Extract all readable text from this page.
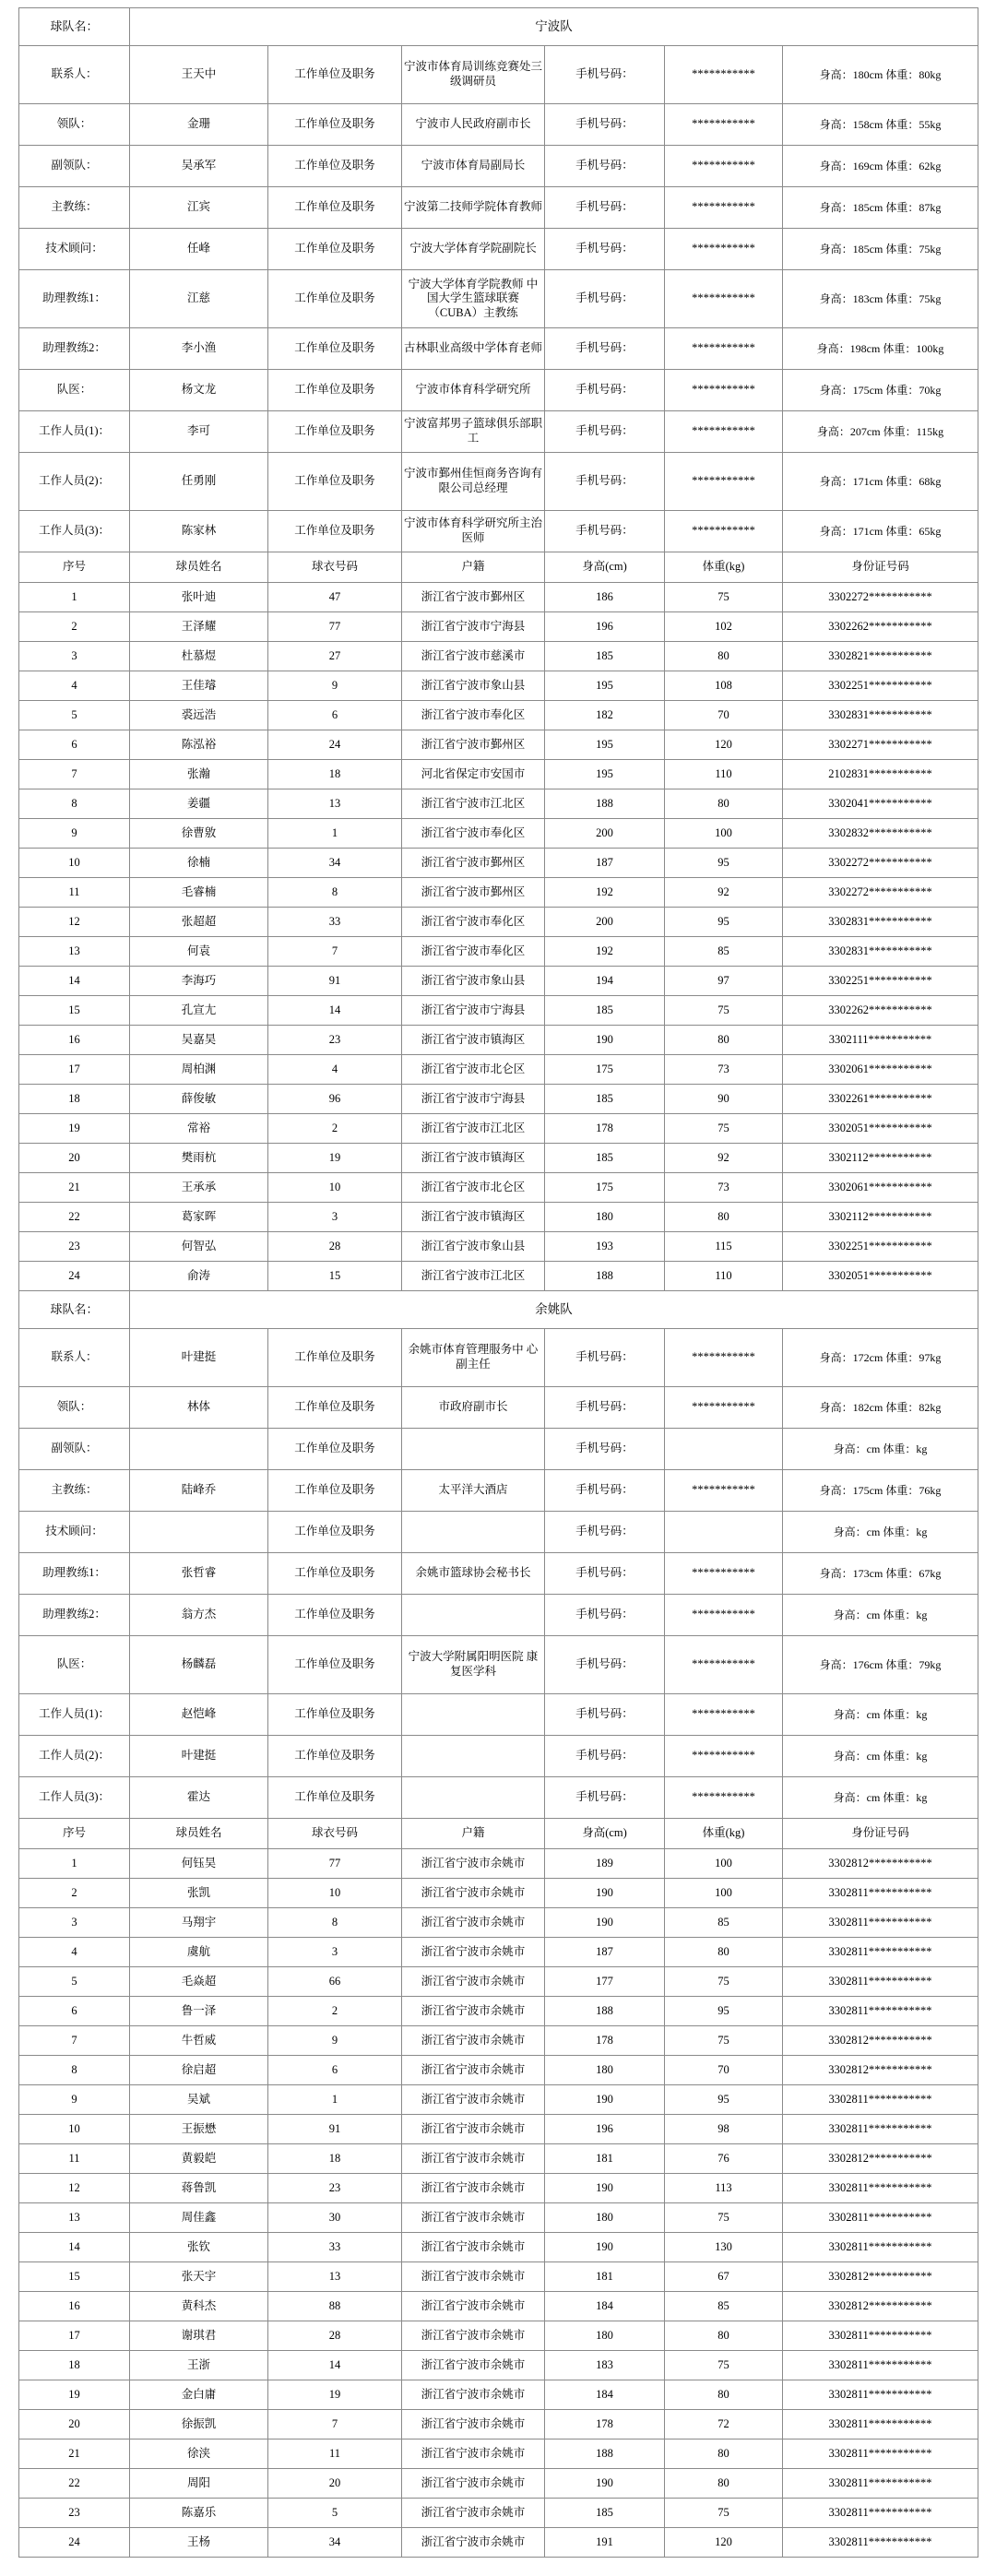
球队名：	宁波队					
联系人：	王天中	工作单位及职务	宁波市体育局训练竞赛处三级调研员	手机号码：	***********	身高：180cm 体重：80kg
领队：	金珊	工作单位及职务	宁波市人民政府副市长	手机号码：	***********	身高：158cm 体重：55kg
副领队：	吴承军	工作单位及职务	宁波市体育局副局长	手机号码：	***********	身高：169cm 体重：62kg
主教练：	江宾	工作单位及职务	宁波第二技师学院体育教师	手机号码：	***********	身高：185cm 体重：87kg
技术顾问：	任峰	工作单位及职务	宁波大学体育学院副院长	手机号码：	***********	身高：185cm 体重：75kg
助理教练1：	江慈	工作单位及职务	宁波大学体育学院教师 中国大学生篮球联赛（CUBA）主教练	手机号码：	***********	身高：183cm 体重：75kg
助理教练2：	李小渔	工作单位及职务	古林职业高级中学体育老师	手机号码：	***********	身高：198cm 体重：100kg
队医：	杨文龙	工作单位及职务	宁波市体育科学研究所	手机号码：	***********	身高：175cm 体重：70kg
工作人员(1)：	李可	工作单位及职务	宁波富邦男子篮球俱乐部职工	手机号码：	***********	身高：207cm 体重：115kg
工作人员(2)：	任勇刚	工作单位及职务	宁波市鄞州佳恒商务咨询有限公司总经理	手机号码：	***********	身高：171cm 体重：68kg
工作人员(3)：	陈家林	工作单位及职务	宁波市体育科学研究所主治医师	手机号码：	***********	身高：171cm 体重：65kg
序号	球员姓名	球衣号码	户籍	身高(cm)	体重(kg)	身份证号码
1	张叶迪	47	浙江省宁波市鄞州区	186	75	3302272***********
2	王泽耀	77	浙江省宁波市宁海县	196	102	3302262***********
3	杜慕煜	27	浙江省宁波市慈溪市	185	80	3302821***********
4	王佳璿	9	浙江省宁波市象山县	195	108	3302251***********
5	裘远浩	6	浙江省宁波市奉化区	182	70	3302831***********
6	陈泓裕	24	浙江省宁波市鄞州区	195	120	3302271***********
7	张瀚	18	河北省保定市安国市	195	110	2102831***********
8	姜疆	13	浙江省宁波市江北区	188	80	3302041***********
9	徐曹敫	1	浙江省宁波市奉化区	200	100	3302832***********
10	徐楠	34	浙江省宁波市鄞州区	187	95	3302272***********
11	毛睿楠	8	浙江省宁波市鄞州区	192	92	3302272***********
12	张超超	33	浙江省宁波市奉化区	200	95	3302831***********
13	何袁	7	浙江省宁波市奉化区	192	85	3302831***********
14	李海巧	91	浙江省宁波市象山县	194	97	3302251***********
15	孔宣尢	14	浙江省宁波市宁海县	185	75	3302262***********
16	吴嘉昊	23	浙江省宁波市镇海区	190	80	3302111***********
17	周柏渊	4	浙江省宁波市北仑区	175	73	3302061***********
18	薛俊敏	96	浙江省宁波市宁海县	185	90	3302261***********
19	常裕	2	浙江省宁波市江北区	178	75	3302051***********
20	樊雨杭	19	浙江省宁波市镇海区	185	92	3302112***********
21	王承承	10	浙江省宁波市北仑区	175	73	3302061***********
22	葛家晖	3	浙江省宁波市镇海区	180	80	3302112***********
23	何智弘	28	浙江省宁波市象山县	193	115	3302251***********
24	俞涛	15	浙江省宁波市江北区	188	110	3302051***********
球队名：	余姚队					
联系人：	叶建挺	工作单位及职务	余姚市体育管理服务中 心副主任	手机号码：	***********	身高：172cm 体重：97kg
领队：	林体	工作单位及职务	市政府副市长	手机号码：	***********	身高：182cm 体重：82kg
副领队：		工作单位及职务		手机号码：		身高：cm 体重：kg
主教练：	陆峰乔	工作单位及职务	太平洋大酒店	手机号码：	***********	身高：175cm 体重：76kg
技术顾问：		工作单位及职务		手机号码：		身高：cm 体重：kg
助理教练1：	张哲睿	工作单位及职务	余姚市篮球协会秘书长	手机号码：	***********	身高：173cm 体重：67kg
助理教练2：	翁方杰	工作单位及职务		手机号码：	***********	身高：cm 体重：kg
队医：	杨麟磊	工作单位及职务	宁波大学附属阳明医院 康复医学科	手机号码：	***********	身高：176cm 体重：79kg
工作人员(1)：	赵恺峰	工作单位及职务		手机号码：	***********	身高：cm 体重：kg
工作人员(2)：	叶建挺	工作单位及职务		手机号码：	***********	身高：cm 体重：kg
工作人员(3)：	霍达	工作单位及职务		手机号码：	***********	身高：cm 体重：kg
序号	球员姓名	球衣号码	户籍	身高(cm)	体重(kg)	身份证号码
1	何钰昊	77	浙江省宁波市余姚市	189	100	3302812***********
2	张凯	10	浙江省宁波市余姚市	190	100	3302811***********
3	马翔宇	8	浙江省宁波市余姚市	190	85	3302811***********
4	虞航	3	浙江省宁波市余姚市	187	80	3302811***********
5	毛焱超	66	浙江省宁波市余姚市	177	75	3302811***********
6	鲁一泽	2	浙江省宁波市余姚市	188	95	3302811***********
7	牛哲威	9	浙江省宁波市余姚市	178	75	3302812***********
8	徐启超	6	浙江省宁波市余姚市	180	70	3302812***********
9	吴斌	1	浙江省宁波市余姚市	190	95	3302811***********
10	王振懋	91	浙江省宁波市余姚市	196	98	3302811***********
11	黄毅皑	18	浙江省宁波市余姚市	181	76	3302812***********
12	蒋鲁凯	23	浙江省宁波市余姚市	190	113	3302811***********
13	周佳鑫	30	浙江省宁波市余姚市	180	75	3302811***********
14	张钦	33	浙江省宁波市余姚市	190	130	3302811***********
15	张天宇	13	浙江省宁波市余姚市	181	67	3302812***********
16	黄科杰	88	浙江省宁波市余姚市	184	85	3302812***********
17	谢琪君	28	浙江省宁波市余姚市	180	80	3302811***********
18	王浙	14	浙江省宁波市余姚市	183	75	3302811***********
19	金白庸	19	浙江省宁波市余姚市	184	80	3302811***********
20	徐振凯	7	浙江省宁波市余姚市	178	72	3302811***********
21	徐浃	11	浙江省宁波市余姚市	188	80	3302811***********
22	周阳	20	浙江省宁波市余姚市	190	80	3302811***********
23	陈嘉乐	5	浙江省宁波市余姚市	185	75	3302811***********
24	王杨	34	浙江省宁波市余姚市	191	120	3302811***********
